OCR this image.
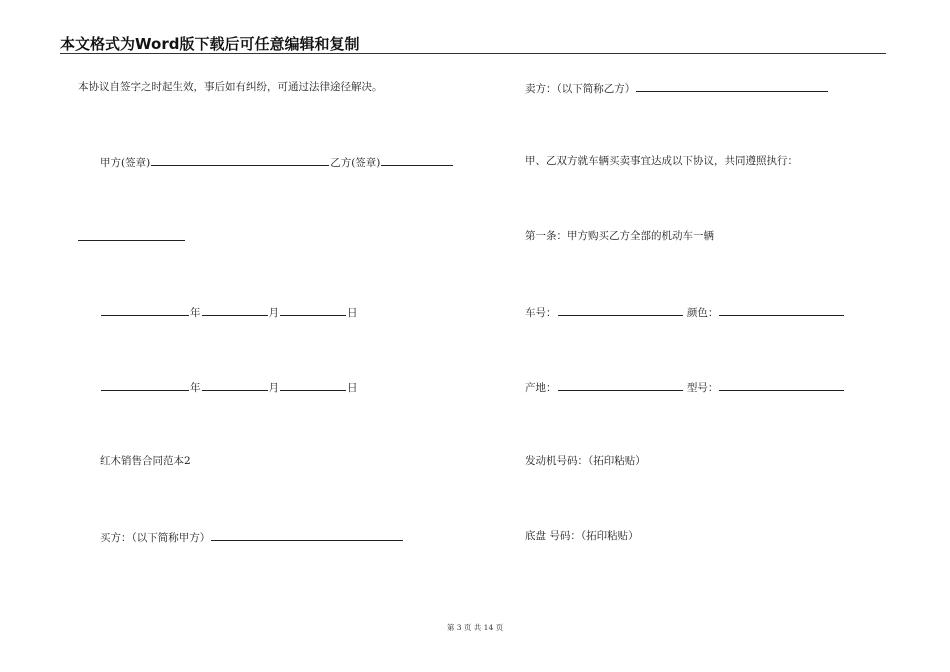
本文格式为Word版下载后可任意编辑和复制
本协议自签字之时起生效，事后如有纠纷，可通过法律途径解决。
甲方(签章)	乙方(签章)
年	月	日
年	月	日
红木销售合同范本2
买方：（以下简称甲方）
卖方：（以下简称乙方）
甲、乙双方就车辆买卖事宜达成以下协议，共同遵照执行：
第一条：甲方购买乙方全部的机动车一辆
车号：	颜色：
产地：	型号：
发动机号码：（拓印粘贴）
底盘 号码：（拓印粘贴）
第 3 页 共 14 页
